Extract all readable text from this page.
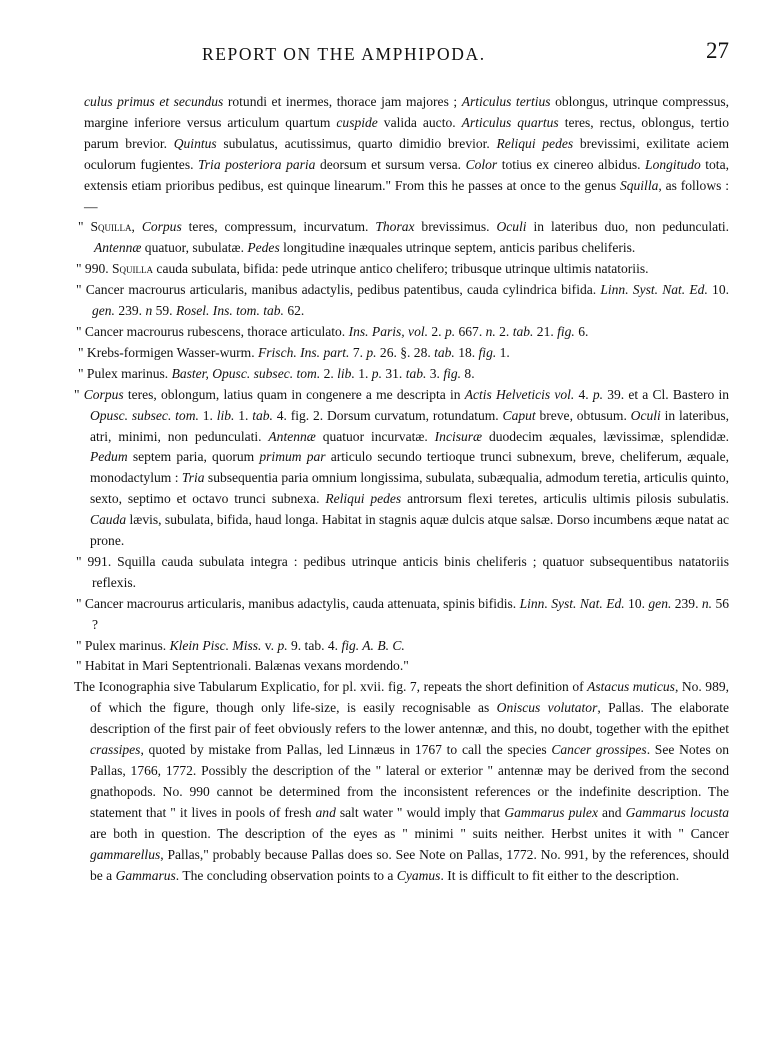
REPORT ON THE AMPHIPODA.	27

culus primus et secundus rotundi et inermes, thorace jam majores ; Articulus tertius oblongus, utrinque compressus, margine inferiore versus articulum quartum cuspide valida aucto. Articulus quartus teres, rectus, oblongus, tertio parum brevior. Quintus subulatus, acutissimus, quarto dimidio brevior. Reliqui pedes brevissimi, exilitate aciem oculorum fugientes. Tria posteriora paria deorsum et sursum versa. Color totius ex cinereo albidus. Longitudo tota, extensis etiam prioribus pedibus, est quinque linearum." From this he passes at once to the genus Squilla, as follows :—

" Squilla, Corpus teres, compressum, incurvatum. Thorax brevissimus. Oculi in lateribus duo, non pedunculati. Antennæ quatuor, subulatæ. Pedes longitudine inæquales utrinque septem, anticis paribus cheliferis.

" 990. Squilla cauda subulata, bifida: pede utrinque antico chelifero; tribusque utrinque ultimis natatoriis.

" Cancer macrourus articularis, manibus adactylis, pedibus patentibus, cauda cylindrica bifida. Linn. Syst. Nat. Ed. 10. gen. 239. n 59. Rosel. Ins. tom. tab. 62.

" Cancer macrourus rubescens, thorace articulato. Ins. Paris, vol. 2. p. 667. n. 2. tab. 21. fig. 6.

" Krebs-formigen Wasser-wurm. Frisch. Ins. part. 7. p. 26. §. 28. tab. 18. fig. 1.

" Pulex marinus. Baster, Opusc. subsec. tom. 2. lib. 1. p. 31. tab. 3. fig. 8.

" Corpus teres, oblongum, latius quam in congenere a me descripta in Actis Helveticis vol. 4. p. 39. et a Cl. Bastero in Opusc. subsec. tom. 1. lib. 1. tab. 4. fig. 2. Dorsum curvatum, rotundatum. Caput breve, obtusum. Oculi in lateribus, atri, minimi, non pedunculati. Antennæ quatuor incurvatæ. Incisuræ duodecim æquales, lævissimæ, splendidæ. Pedum septem paria, quorum primum par articulo secundo tertioque trunci subnexum, breve, cheliferum, æquale, monodactylum : Tria subsequentia paria omnium longissima, subulata, subæqualia, admodum teretia, articulis quinto, sexto, septimo et octavo trunci subnexa. Reliqui pedes antrorsum flexi teretes, articulis ultimis pilosis subulatis. Cauda lævis, subulata, bifida, haud longa. Habitat in stagnis aquæ dulcis atque salsæ. Dorso incumbens æque natat ac prone.

" 991. Squilla cauda subulata integra : pedibus utrinque anticis binis cheliferis ; quatuor subsequentibus natatoriis reflexis.

" Cancer macrourus articularis, manibus adactylis, cauda attenuata, spinis bifidis. Linn. Syst. Nat. Ed. 10. gen. 239. n. 56 ?

" Pulex marinus. Klein Pisc. Miss. v. p. 9. tab. 4. fig. A. B. C.

" Habitat in Mari Septentrionali. Balænas vexans mordendo."

The Iconographia sive Tabularum Explicatio, for pl. xvii. fig. 7, repeats the short definition of Astacus muticus, No. 989, of which the figure, though only life-size, is easily recognisable as Oniscus volutator, Pallas. The elaborate description of the first pair of feet obviously refers to the lower antennæ, and this, no doubt, together with the epithet crassipes, quoted by mistake from Pallas, led Linnæus in 1767 to call the species Cancer grossipes. See Notes on Pallas, 1766, 1772. Possibly the description of the " lateral or exterior " antennæ may be derived from the second gnathopods. No. 990 cannot be determined from the inconsistent references or the indefinite description. The statement that " it lives in pools of fresh and salt water " would imply that Gammarus pulex and Gammarus locusta are both in question. The description of the eyes as " minimi " suits neither. Herbst unites it with " Cancer gammarellus, Pallas," probably because Pallas does so. See Note on Pallas, 1772. No. 991, by the references, should be a Gammarus. The concluding observation points to a Cyamus. It is difficult to fit either to the description.
